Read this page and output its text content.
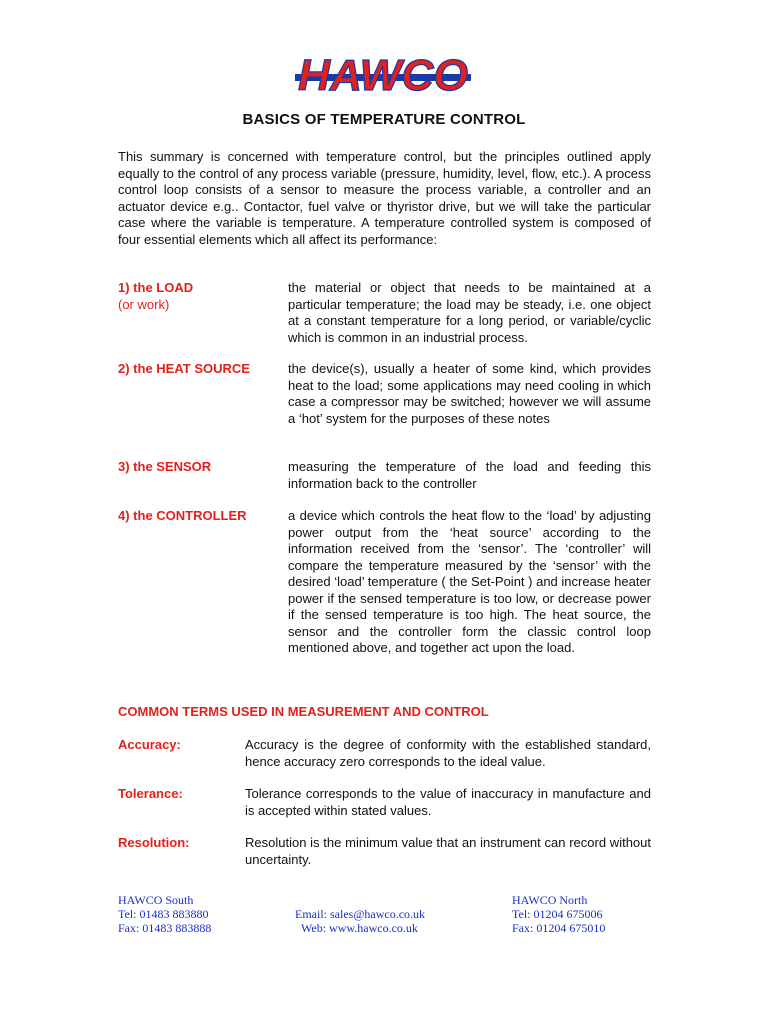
HAWCO
BASICS OF TEMPERATURE CONTROL

This summary is concerned with temperature control, but the principles outlined apply equally to the control of any process variable (pressure, humidity, level, flow, etc.). A process control loop consists of a sensor to measure the process variable, a controller and an actuator device e.g.. Contactor, fuel valve or thyristor drive, but we will take the particular case where the variable is temperature. A temperature controlled system is composed of four essential elements which all affect its performance:

1) the LOAD
(or work)

the material or object that needs to be maintained at a particular temperature; the load may be steady, i.e. one object at a constant temperature for a long period, or variable/cyclic which is common in an industrial process.

2) the HEAT SOURCE	the device(s), usually a heater of some kind, which provides heat to the load; some applications may need cooling in which case a compressor may be switched; however we will assume a ‘hot’ system for the purposes of these notes

3) the SENSOR	measuring the temperature of the load and feeding this information back to the controller

4) the CONTROLLER	a device which controls the heat flow to the ‘load’ by adjusting power output from the ‘heat source’ according to the information received from the ‘sensor’. The ‘controller’ will compare the temperature measured by the ‘sensor’ with the desired ‘load’ temperature ( the Set-Point ) and increase heater power if the sensed temperature is too low, or decrease power if the sensed temperature is too high. The heat source, the sensor and the controller form the classic control loop mentioned above, and together act upon the load.

COMMON TERMS USED IN MEASUREMENT AND CONTROL
Accuracy:	Accuracy is the degree of conformity with the established standard, hence accuracy zero corresponds to the ideal value.

Tolerance:	Tolerance corresponds to the value of inaccuracy in manufacture and is accepted within stated values.

Resolution:	Resolution is the minimum value that an instrument can record without uncertainty.

HAWCO South
Tel: 01483 883880
Fax: 01483 883888
Email: sales@hawco.co.uk
Web: www.hawco.co.uk
HAWCO North
Tel: 01204 675006
Fax: 01204 675010
